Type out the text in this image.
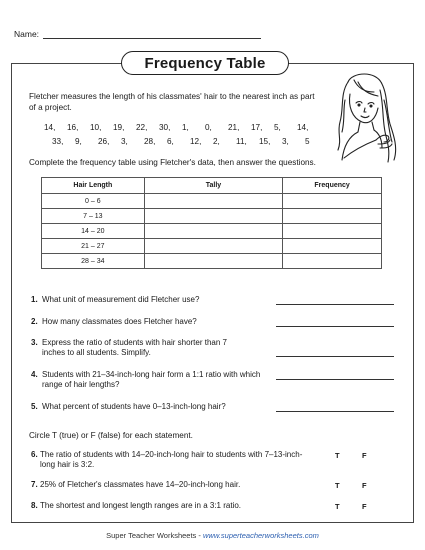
Name:
Frequency Table
Fletcher measures the length of his classmates' hair to the nearest inch as part of a project.
14,	16,	10,	19,	22,	30,	1,	0,	21,	17,	5,	14,
33,	9,	26,	3,	28,	6,	12,	2,	11,	15,	3,	5
Complete the frequency table using Fletcher's data, then answer the questions.
Hair Length	Tally	Frequency
0 – 6		
7 – 13		
14 – 20		
21 – 27		
28 – 34		
1. What unit of measurement did Fletcher use?
2. How many classmates does Fletcher have?
3. Express the ratio of students with hair shorter than 7 inches to all students. Simplify.
4. Students with 21–34-inch-long hair form a 1:1 ratio with which range of hair lengths?
5. What percent of students have 0–13-inch-long hair?
Circle T (true) or F (false) for each statement.
6. The ratio of students with 14–20-inch-long hair to students with 7–13-inch-long hair is 3:2.
T	F
7. 25% of Fletcher's classmates have 14–20-inch-long hair.	T	F
8. The shortest and longest length ranges are in a 3:1 ratio.	T	F
Super Teacher Worksheets - www.superteacherworksheets.com
